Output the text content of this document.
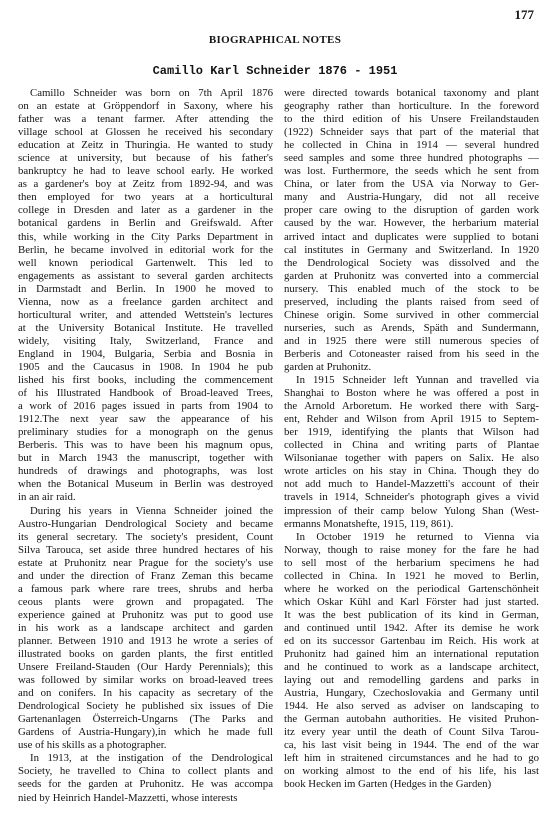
177
BIOGRAPHICAL NOTES
Camillo Karl Schneider 1876 - 1951

Camillo Schneider was born on 7th April 1876
on an estate at Gröppendorf in Saxony, where his
father was a tenant farmer. After attending the
village school at Glossen he received his secondary
education at Zeitz in Thuringia. He wanted to study
science at university, but because of his father's
bankruptcy he had to leave school early. He worked
as a gardener's boy at Zeitz from 1892-94, and was
then employed for two years at a horticultural
college in Dresden and later as a gardener in the
botanical gardens in Berlin and Greifswald. After
this, while working in the City Parks Department in
Berlin, he became involved in editorial work for the
well known periodical Gartenwelt. This led to
engagements as assistant to several garden architects
in Darmstadt and Berlin. In 1900 he moved to
Vienna, now as a freelance garden architect and
horticultural writer, and attended Wettstein's lectures
at the University Botanical Institute. He travelled
widely, visiting Italy, Switzerland, France and
England in 1904, Bulgaria, Serbia and Bosnia in
1905 and the Caucasus in 1908. In 1904 he pub
lished his first books, including the commencement
of his Illustrated Handbook of Broad-leaved Trees,
a work of 2016 pages issued in parts from 1904 to
1912.The next year saw the appearance of his
preliminary studies for a monograph on the genus
Berberis. This was to have been his magnum opus,
but in March 1943 the manuscript, together with
hundreds of drawings and photographs, was lost
when the Botanical Museum in Berlin was destroyed
in an air raid.

During his years in Vienna Schneider joined the
Austro-Hungarian Dendrological Society and became
its general secretary. The society's president, Count
Silva Tarouca, set aside three hundred hectares of his
estate at Pruhonitz near Prague for the society's use
and under the direction of Franz Zeman this became
a famous park where rare trees, shrubs and herba
ceous plants were grown and propagated. The
experience gained at Pruhonitz was put to good use
in his work as a landscape architect and garden
planner. Between 1910 and 1913 he wrote a series of
illustrated books on garden plants, the first entitled
Unsere Freiland-Stauden (Our Hardy Perennials); this
was followed by similar works on broad-leaved trees
and on conifers. In his capacity as secretary of the
Dendrological Society he published six issues of Die
Gartenanlagen Österreich-Ungarns (The Parks and
Gardens of Austria-Hungary),in which he made full
use of his skills as a photographer.

In 1913, at the instigation of the Dendrological
Society, he travelled to China to collect plants and
seeds for the garden at Pruhonitz. He was accompa
nied by Heinrich Handel-Mazzetti, whose interests

were directed towards botanical taxonomy and plant
geography rather than horticulture. In the foreword
to the third edition of his Unsere Freilandstauden
(1922) Schneider says that part of the material that
he collected in China in 1914 — several hundred
seed samples and some three hundred photographs —
was lost. Furthermore, the seeds which he sent from
China, or later from the USA via Norway to Ger-
many and Austria-Hungary, did not all receive
proper care owing to the disruption of garden work
caused by the war. However, the herbarium material
arrived intact and duplicates were supplied to botani
cal institutes in Germany and Switzerland. In 1920
the Dendrological Society was dissolved and the
garden at Pruhonitz was converted into a commercial
nursery. This enabled much of the stock to be
preserved, including the plants raised from seed of
Chinese origin. Some survived in other commercial
nurseries, such as Arends, Späth and Sundermann,
and in 1925 there were still numerous species of
Berberis and Cotoneaster raised from his seed in the
garden at Pruhonitz.

In 1915 Schneider left Yunnan and travelled via
Shanghai to Boston where he was offered a post in
the Arnold Arboretum. He worked there with Sarg-
ent, Rehder and Wilson from April 1915 to Septem-
ber 1919, identifying the plants that Wilson had
collected in China and writing parts of Plantae
Wilsonianae together with papers on Salix. He also
wrote articles on his stay in China. Though they do
not add much to Handel-Mazzetti's account of their
travels in 1914, Schneider's photograph gives a vivid
impression of their camp below Yulong Shan (West-
ermanns Monatshefte, 1915, 119, 861).

In October 1919 he returned to Vienna via
Norway, though to raise money for the fare he had
to sell most of the herbarium specimens he had
collected in China. In 1921 he moved to Berlin,
where he worked on the periodical Gartenschönheit
which Oskar Kühl and Karl Förster had just started.
It was the best publication of its kind in German,
and continued until 1942. After its demise he work
ed on its successor Gartenbau im Reich. His work at
Pruhonitz had gained him an international reputation
and he continued to work as a landscape architect,
laying out and remodelling gardens and parks in
Austria, Hungary, Czechoslovakia and Germany until
1944. He also served as adviser on landscaping to
the German autobahn authorities. He visited Pruhon-
itz every year until the death of Count Silva Tarou-
ca, his last visit being in 1944. The end of the war
left him in straitened circumstances and he had to go
on working almost to the end of his life, his last
book Hecken im Garten (Hedges in the Garden)
